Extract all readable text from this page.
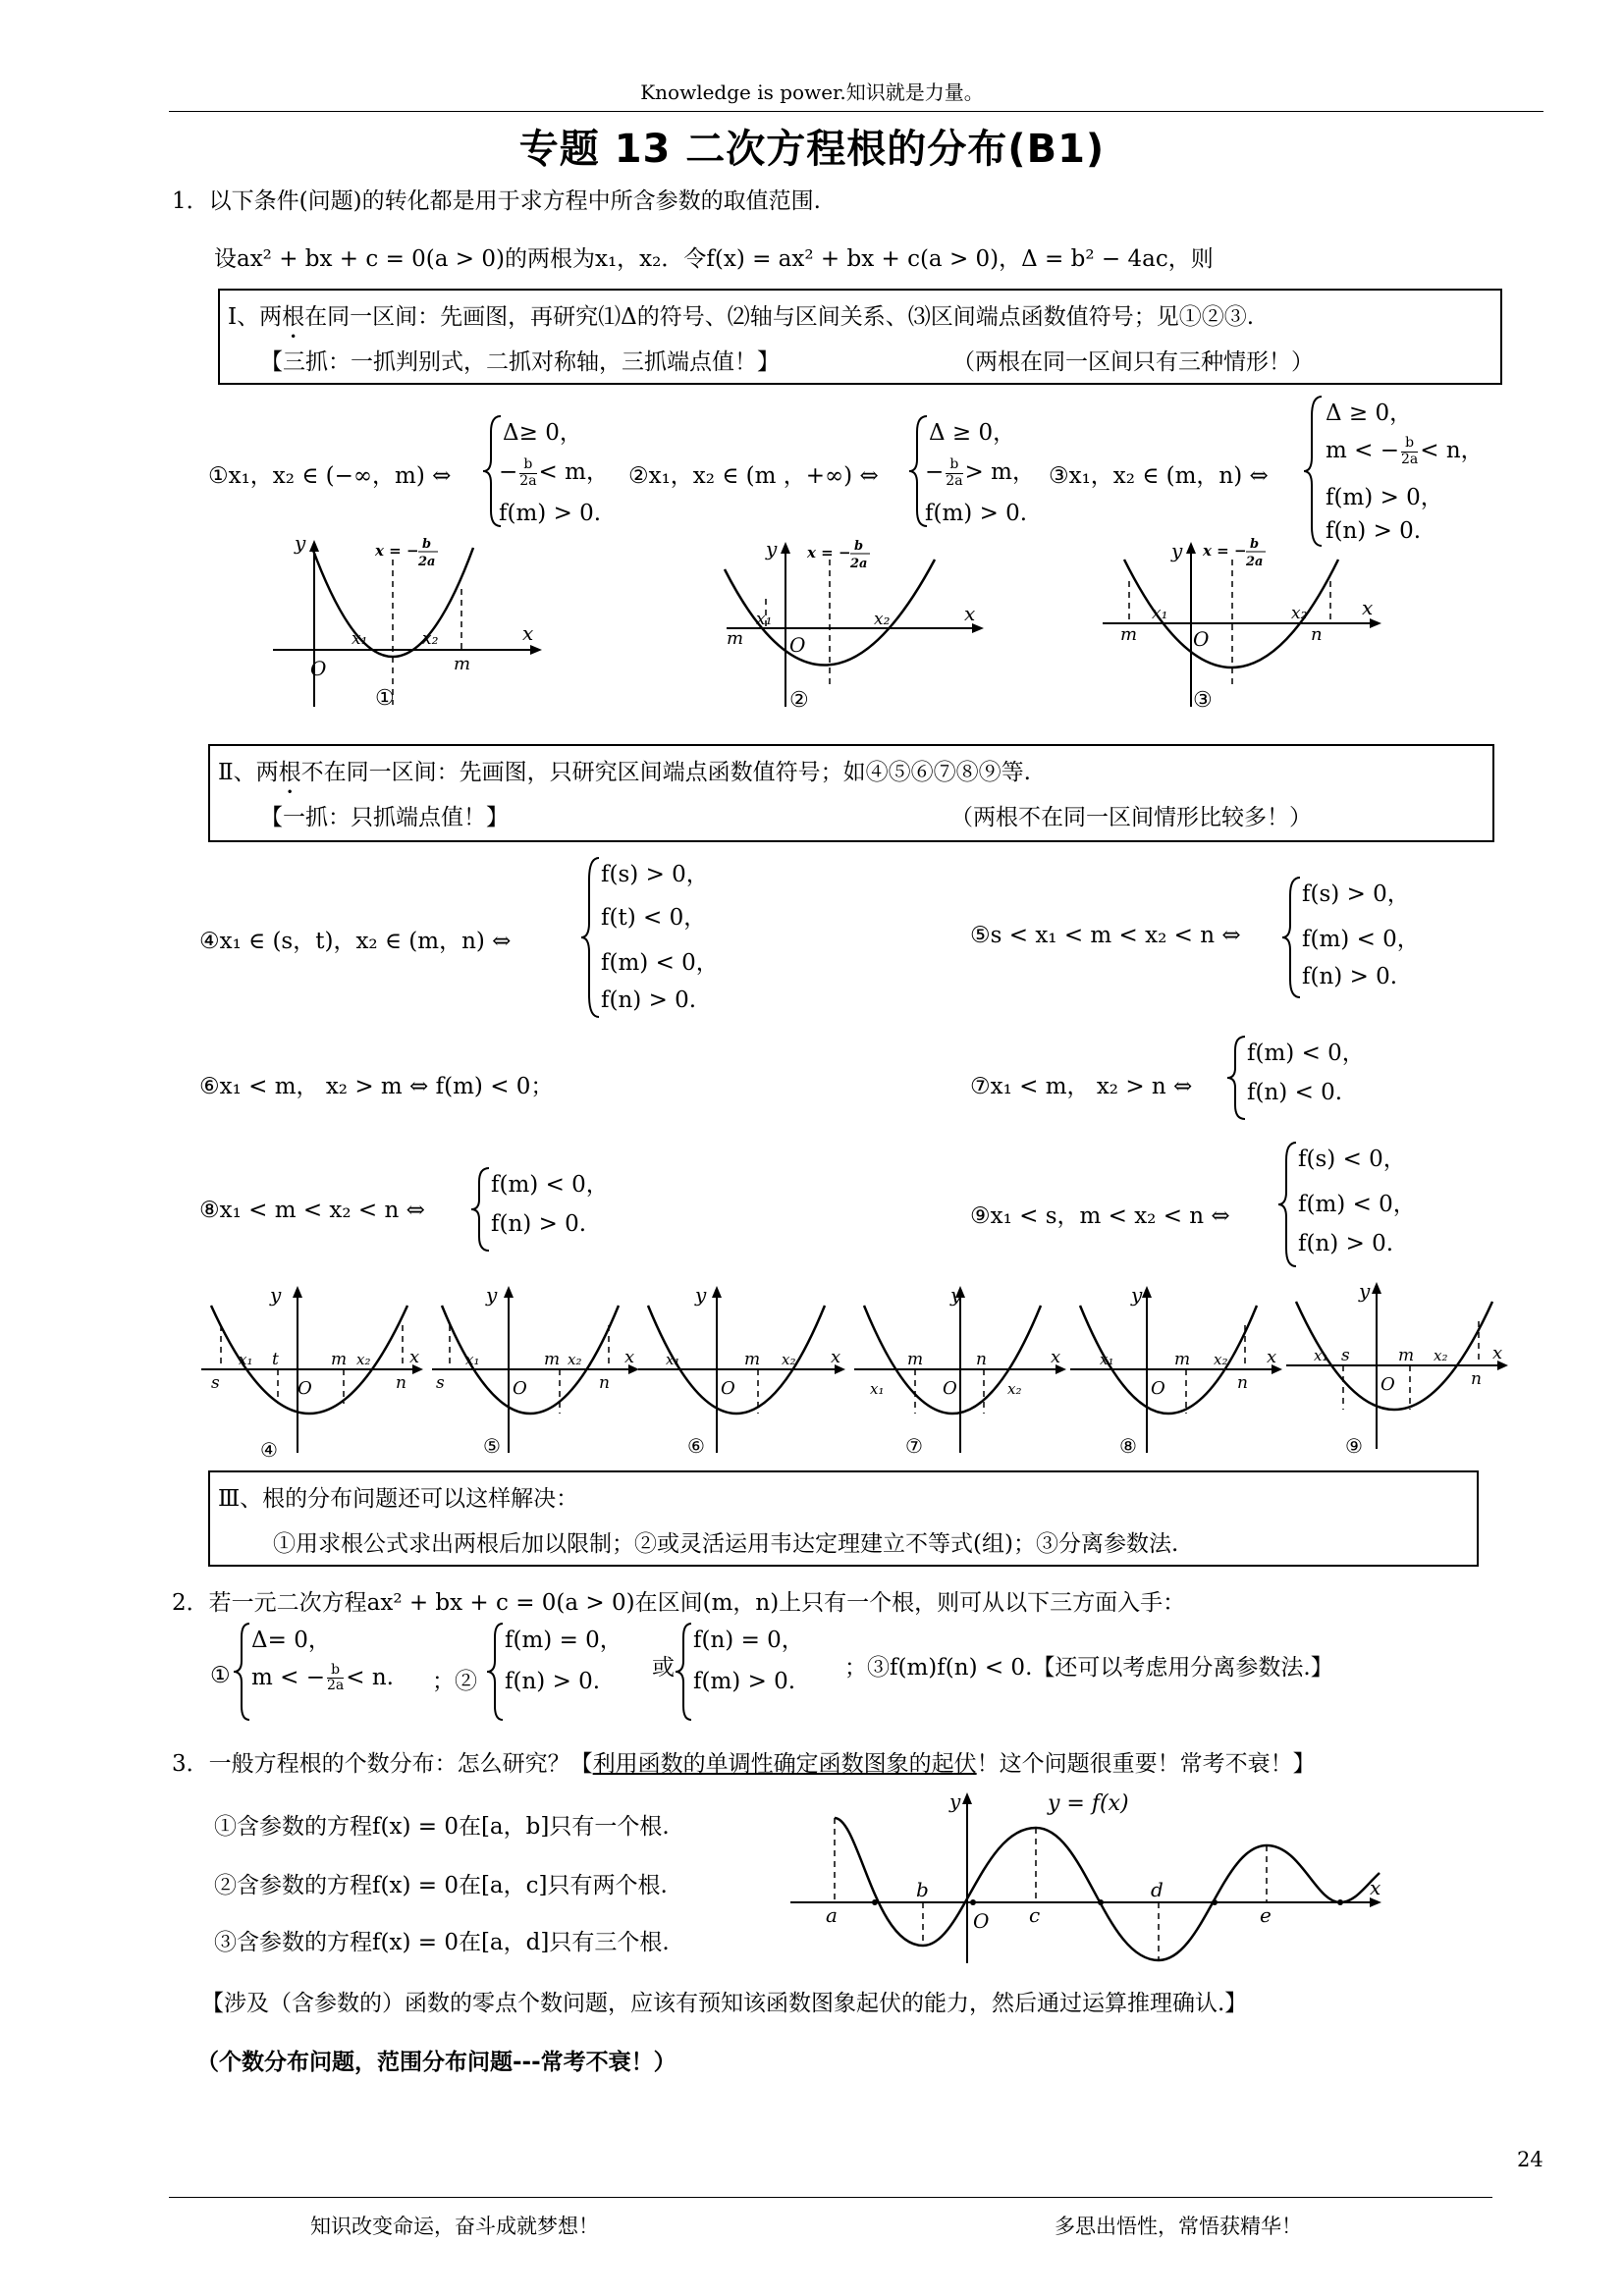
Knowledge is power.知识就是力量。
专题 13 二次方程根的分布(B1)
1．以下条件(问题)的转化都是用于求方程中所含参数的取值范围.
设ax² + bx + c = 0(a > 0)的两根为x₁，x₂．令f(x) = ax² + bx + c(a > 0)，Δ = b² − 4ac，则
Ⅰ、两根在同一区间：先画图，再研究⑴Δ的符号、⑵轴与区间关系、⑶区间端点函数值符号；见①②③.
【三抓：一抓判别式，二抓对称轴，三抓端点值！】	（两根在同一区间只有三种情形！）
①x₁，x₂ ∈ (−∞，m) ⇔
Δ≥ 0，
− $\frac{b}{2a} < m$，
f(m) > 0.
②x₁，x₂ ∈ (m ，+∞) ⇔
Δ ≥ 0，
− $\frac{b}{2a} > m$，
f(m) > 0.
③x₁，x₂ ∈ (m，n) ⇔
Δ ≥ 0，
m < − $\frac{b}{2a} < n$，
f(m) > 0，
f(n) > 0.
y
x
O
x₁	x₂
m
①
x = − b
2a
y
x
O
x₁	x₂
m
②
x = − b
2a
y
x
O
x₁	x₂
m	n
③
x = − b
2a
Ⅱ、两根不在同一区间：先画图，只研究区间端点函数值符号；如④⑤⑥⑦⑧⑨等.
【一抓：只抓端点值！】	（两根不在同一区间情形比较多！）
④x₁ ∈ (s，t)，x₂ ∈ (m，n) ⇔
f(s) > 0，
f(t) < 0，
f(m) < 0，
f(n) > 0.
⑤s < x₁ < m < x₂ < n ⇔
f(s) > 0，
f(m) < 0，
f(n) > 0.
⑥x₁ < m， x₂ > m ⇔ f(m) < 0；	⑦x₁ < m， x₂ > n ⇔
f(m) < 0，
f(n) < 0.
⑧x₁ < m < x₂ < n ⇔
f(m) < 0，
f(n) > 0.	⑨x₁ < s，m < x₂ < n ⇔
f(s) < 0，
f(m) < 0，
f(n) > 0.
y
x
O
x₁ t	m x₂
s	n
④
y
x
O
x₁	m x₂
s	n
⑤
y
x
O
x₁	m x₂
⑥
y
x
O
x₁
m	n
x₂
⑦
y
x
O
x₁	m x₂
n
⑧
y
x
O
x₁ s	m x₂
n
⑨
Ⅲ、根的分布问题还可以这样解决：
①用求根公式求出两根后加以限制；②或灵活运用韦达定理建立不等式(组)；③分离参数法.
2．若一元二次方程ax² + bx + c = 0(a > 0)在区间(m，n)上只有一个根，则可从以下三方面入手：
①
Δ= 0，
m < − $\frac{b}{2a} < n$. ；②
f(m) = 0，
f(n) > 0.
或
f(n) = 0，
f(m) > 0.
；③f(m)f(n) < 0.【还可以考虑用分离参数法.】
3．一般方程根的个数分布：怎么研究？【利用函数的单调性确定函数图象的起伏！这个问题很重要！常考不衰！】
①含参数的方程f(x) = 0在[a，b]只有一个根.
②含参数的方程f(x) = 0在[a，c]只有两个根.
③含参数的方程f(x) = 0在[a，d]只有三个根.
y
x
O
y = f(x)
a
b
c
d
e
【涉及（含参数的）函数的零点个数问题，应该有预知该函数图象起伏的能力，然后通过运算推理确认.】
（个数分布问题，范围分布问题---常考不衰！）
24
知识改变命运，奋斗成就梦想！	多思出悟性，常悟获精华！
